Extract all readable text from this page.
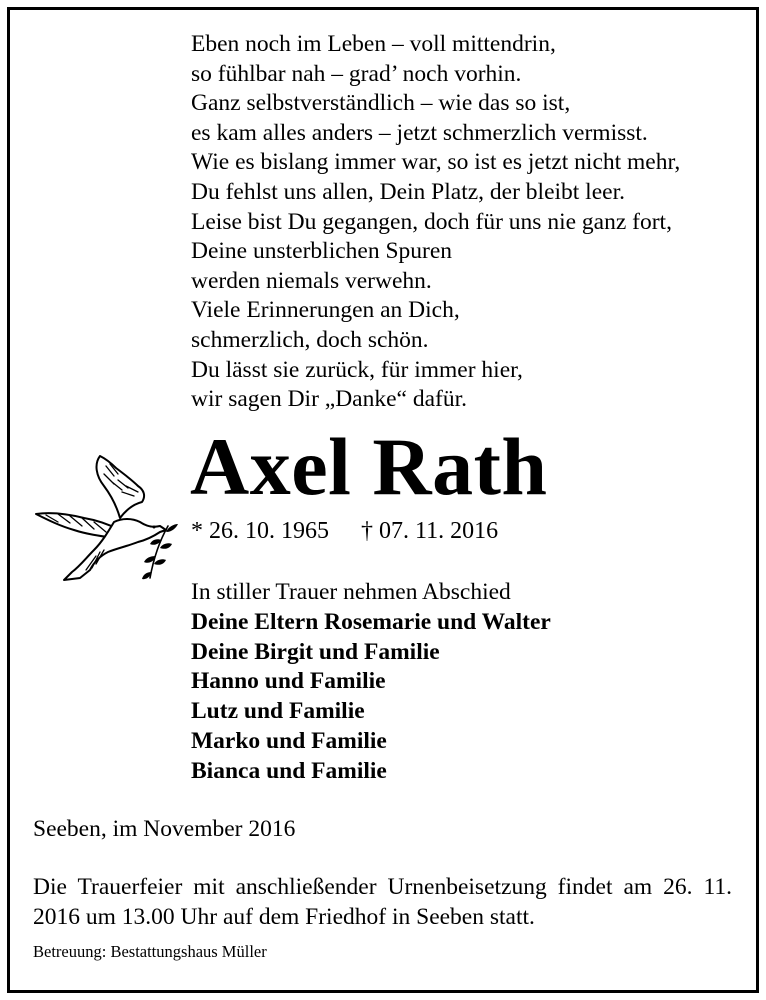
Eben noch im Leben – voll mittendrin,
so fühlbar nah – grad’ noch vorhin.
Ganz selbstverständlich – wie das so ist,
es kam alles anders – jetzt schmerzlich vermisst.
Wie es bislang immer war, so ist es jetzt nicht mehr,
Du fehlst uns allen, Dein Platz, der bleibt leer.
Leise bist Du gegangen, doch für uns nie ganz fort,
Deine unsterblichen Spuren
werden niemals verwehn.
Viele Erinnerungen an Dich,
schmerzlich, doch schön.
Du lässt sie zurück, für immer hier,
wir sagen Dir „Danke“ dafür.
Axel Rath
* 26. 10. 1965 † 07. 11. 2016
In stiller Trauer nehmen Abschied
Deine Eltern Rosemarie und Walter
Deine Birgit und Familie
Hanno und Familie
Lutz und Familie
Marko und Familie
Bianca und Familie
Seeben, im November 2016
Die Trauerfeier mit anschließender Urnenbeisetzung findet am 26. 11. 2016 um 13.00 Uhr auf dem Friedhof in Seeben statt.
Betreuung: Bestattungshaus Müller
